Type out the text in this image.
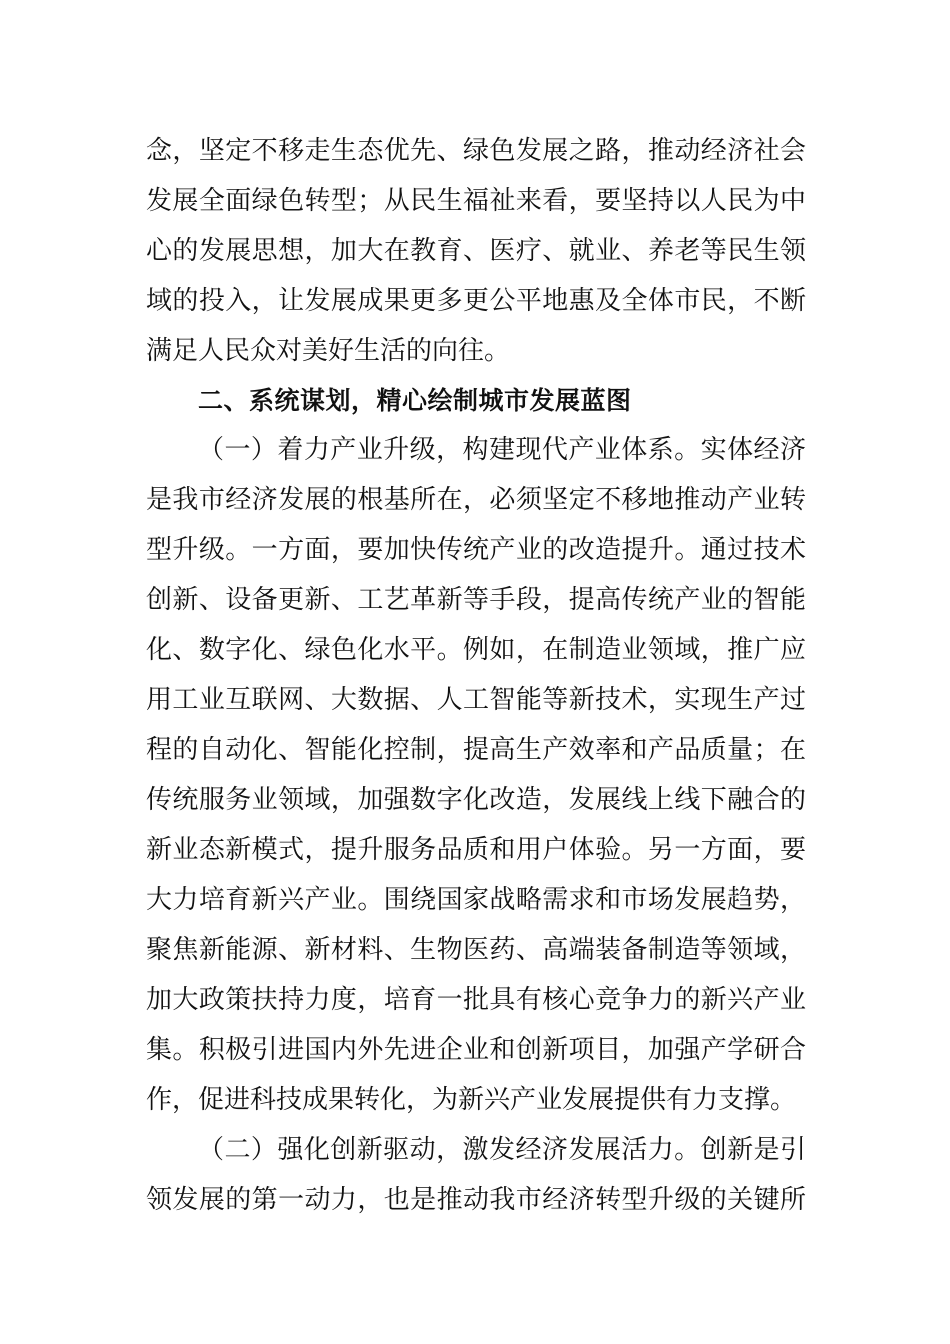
念，坚定不移走生态优先、绿色发展之路，推动经济社会
发展全面绿色转型；从民生福祉来看，要坚持以人民为中
心的发展思想，加大在教育、医疗、就业、养老等民生领
域的投入，让发展成果更多更公平地惠及全体市民，不断
满足人民众对美好生活的向往。
二、系统谋划，精心绘制城市发展蓝图
（一）着力产业升级，构建现代产业体系。实体经济
是我市经济发展的根基所在，必须坚定不移地推动产业转
型升级。一方面，要加快传统产业的改造提升。通过技术
创新、设备更新、工艺革新等手段，提高传统产业的智能
化、数字化、绿色化水平。例如，在制造业领域，推广应
用工业互联网、大数据、人工智能等新技术，实现生产过
程的自动化、智能化控制，提高生产效率和产品质量；在
传统服务业领域，加强数字化改造，发展线上线下融合的
新业态新模式，提升服务品质和用户体验。另一方面，要
大力培育新兴产业。围绕国家战略需求和市场发展趋势，
聚焦新能源、新材料、生物医药、高端装备制造等领域，
加大政策扶持力度，培育一批具有核心竞争力的新兴产业
集。积极引进国内外先进企业和创新项目，加强产学研合
作，促进科技成果转化，为新兴产业发展提供有力支撑。
（二）强化创新驱动，激发经济发展活力。创新是引
领发展的第一动力，也是推动我市经济转型升级的关键所
